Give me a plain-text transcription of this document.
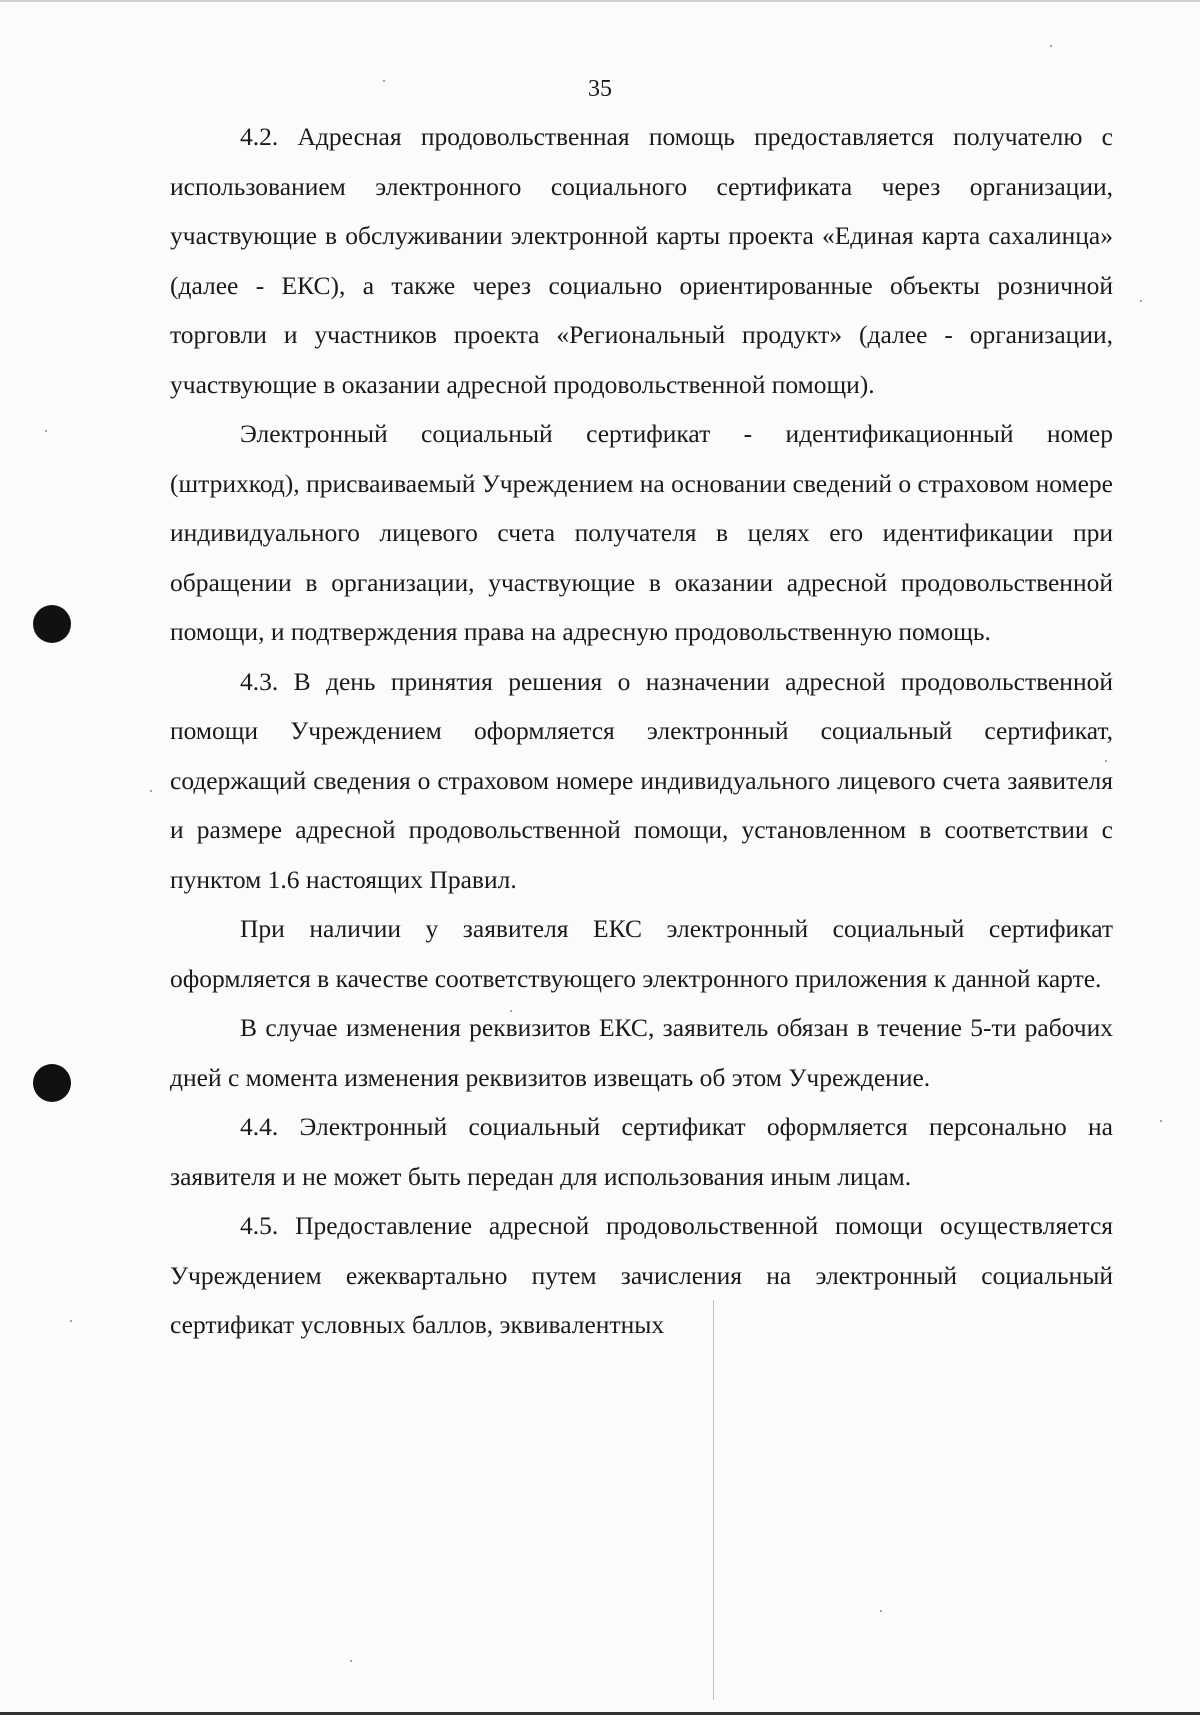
35

4.2. Адресная продовольственная помощь предоставляется получателю с использованием электронного социального сертификата через организации, участвующие в обслуживании электронной карты проекта «Единая карта сахалинца» (далее - ЕКС), а также через социально ориентированные объекты розничной торговли и участников проекта «Региональный продукт» (далее - организации, участвующие в оказании адресной продовольственной помощи).

Электронный социальный сертификат - идентификационный номер (штрихкод), присваиваемый Учреждением на основании сведений о страховом номере индивидуального лицевого счета получателя в целях его идентификации при обращении в организации, участвующие в оказании адресной продовольственной помощи, и подтверждения права на адресную продовольственную помощь.

4.3. В день принятия решения о назначении адресной продовольственной помощи Учреждением оформляется электронный социальный сертификат, содержащий сведения о страховом номере индивидуального лицевого счета заявителя и размере адресной продовольственной помощи, установленном в соответствии с пунктом 1.6 настоящих Правил.

При наличии у заявителя ЕКС электронный социальный сертификат оформляется в качестве соответствующего электронного приложения к данной карте.

В случае изменения реквизитов ЕКС, заявитель обязан в течение 5-ти рабочих дней с момента изменения реквизитов извещать об этом Учреждение.

4.4. Электронный социальный сертификат оформляется персонально на заявителя и не может быть передан для использования иным лицам.

4.5. Предоставление адресной продовольственной помощи осуществляется Учреждением ежеквартально путем зачисления на электронный социальный сертификат условных баллов, эквивалентных
